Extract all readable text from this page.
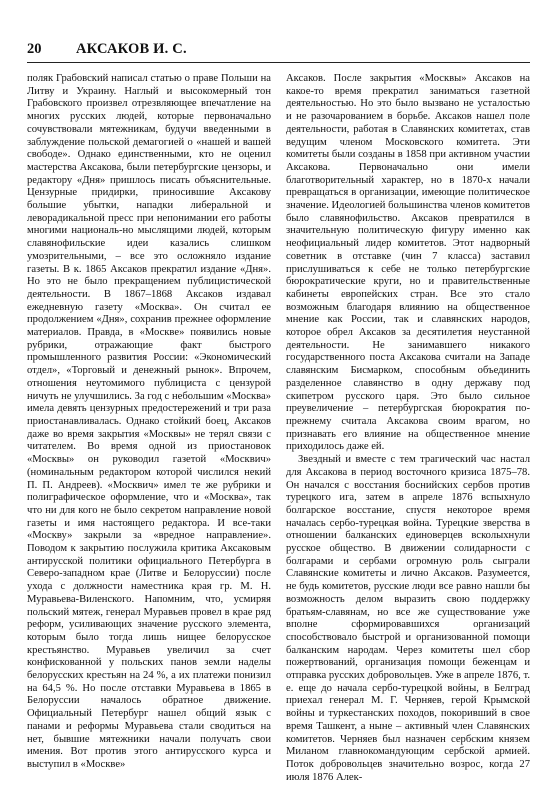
20 АКСАКОВ И. С.

поляк Грабовский написал статью о праве Польши на Литву и Украину. Наглый и высокомерный тон Грабовского произвел отрезвляющее впечатление на многих русских людей, которые первоначально сочувствовали мятежникам, будучи введенными в заблуждение польской демагогией о «нашей и вашей свободе». Однако единственными, кто не оценил мастерства Аксакова, были петербургские цензоры, и редактору «Дня» пришлось писать объяснительные. Цензурные придирки, приносившие Аксакову большие убытки, нападки либеральной и леворадикальной пресс при непонимании его работы многими националь-но мыслящими людей, которым славянофильские идеи казались слишком умозрительными, – все это осложняло издание газеты. В к. 1865 Аксаков прекратил издание «Дня». Но это не было прекращением публицистической деятельности. В 1867–1868 Аксаков издавал ежедневную газету «Москва». Он считал ее продолжением «Дня», сохранив прежнее оформление материалов. Правда, в «Москве» появились новые рубрики, отражающие факт быстрого промышленного развития России: «Экономический отдел», «Торговый и денежный рынок». Впрочем, отношения неутомимого публициста с цензурой ничуть не улучшились. За год с небольшим «Москва» имела девять цензурных предостережений и три раза приостанавливалась. Однако стойкий боец, Аксаков даже во время закрытия «Москвы» не терял связи с читателем. Во время одной из приостановок «Москвы» он руководил газетой «Москвич» (номинальным редактором которой числился некий П. П. Андреев). «Москвич» имел те же рубрики и полиграфическое оформление, что и «Москва», так что ни для кого не было секретом направление новой газеты и имя настоящего редактора. И все-таки «Москву» закрыли за «вредное направление». Поводом к закрытию послужила критика Аксаковым антирусской политики официального Петербурга в Северо-западном крае (Литве и Белоруссии) после ухода с должности наместника края гр. М. Н. Муравьева-Виленского. Напомним, что, усмиряя польский мятеж, генерал Муравьев провел в крае ряд реформ, усиливающих значение русского элемента, которым было тогда лишь нищее белорусское крестьянство. Муравьев увеличил за счет конфискованной у польских панов земли наделы белорусских крестьян на 24 %, а их платежи понизил на 64,5 %. Но после отставки Муравьева в 1865 в Белоруссии началось обратное движение. Официальный Петербург нашел общий язык с панами и реформы Муравьева стали сводиться на нет, бывшие мятежники начали получать свои имения. Вот против этого антирусского курса и выступил в «Москве»

Аксаков. После закрытия «Москвы» Аксаков на какое-то время прекратил заниматься газетной деятельностью. Но это было вызвано не усталостью и не разочарованием в борьбе. Аксаков нашел поле деятельности, работая в Славянских комитетах, став ведущим членом Московского комитета. Эти комитеты были созданы в 1858 при активном участии Аксакова. Первоначально они имели благотворительный характер, но в 1870-х начали превращаться в организации, имеющие политическое значение. Идеологией большинства членов комитетов было славянофильство. Аксаков превратился в значительную политическую фигуру именно как неофициальный лидер комитетов. Этот надворный советник в отставке (чин 7 класса) заставил прислушиваться к себе не только петербургские бюрократические круги, но и правительственные кабинеты европейских стран. Все это стало возможным благодаря влиянию на общественное мнение как России, так и славянских народов, которое обрел Аксаков за десятилетия неустанной деятельности. Не занимавшего никакого государственного поста Аксакова считали на Западе славянским Бисмарком, способным объединить разделенное славянство в одну державу под скипетром русского царя. Это было сильное преувеличение – петербургская бюрократия по-прежнему считала Аксакова своим врагом, но признавать его влияние на общественное мнение приходилось даже ей.

Звездный и вместе с тем трагический час настал для Аксакова в период восточного кризиса 1875–78. Он начался с восстания боснийских сербов против турецкого ига, затем в апреле 1876 вспыхнуло болгарское восстание, спустя некоторое время началась сербо-турецкая война. Турецкие зверства в отношении балканских единоверцев всколыхнули русское общество. В движении солидарности с болгарами и сербами огромную роль сыграли Славянские комитеты и лично Аксаков. Разумеется, не будь комитетов, русские люди все равно нашли бы возможность делом выразить свою поддержку братьям-славянам, но все же существование уже вполне сформировавшихся организаций способствовало быстрой и организованной помощи балканским народам. Через комитеты шел сбор пожертвований, организация помощи беженцам и отправка русских добровольцев. Уже в апреле 1876, т. е. еще до начала сербо-турецкой войны, в Белград приехал генерал М. Г. Черняев, герой Крымской войны и туркестанских походов, покоривший в свое время Ташкент, а ныне – активный член Славянских комитетов. Черняев был назначен сербским князем Миланом главнокомандующим сербской армией. Поток добровольцев значительно возрос, когда 27 июля 1876 Алек-
